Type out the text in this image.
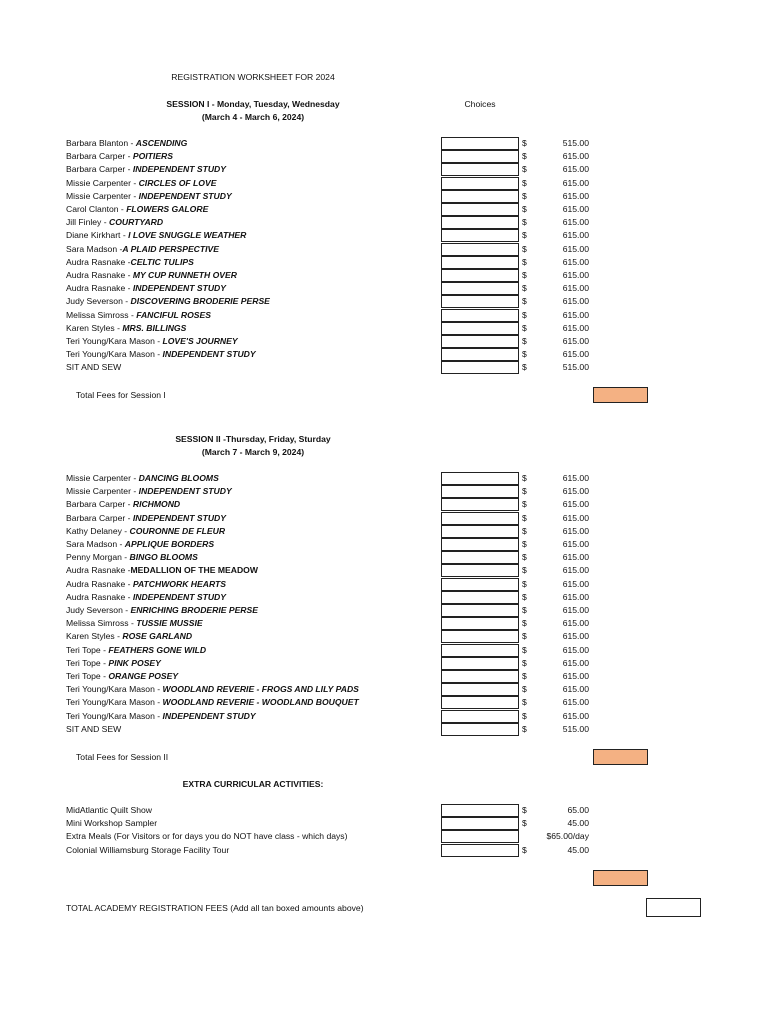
REGISTRATION WORKSHEET FOR 2024
SESSION I - Monday, Tuesday, Wednesday
(March 4 - March 6, 2024)
Choices
Barbara Blanton - ASCENDING	$	515.00
Barbara Carper - POITIERS	$	615.00
Barbara Carper - INDEPENDENT STUDY	$	615.00
Missie Carpenter - CIRCLES OF LOVE	$	615.00
Missie Carpenter - INDEPENDENT STUDY	$	615.00
Carol Clanton - FLOWERS GALORE	$	615.00
Jill Finley - COURTYARD	$	615.00
Diane Kirkhart - I LOVE SNUGGLE WEATHER	$	615.00
Sara Madson -A PLAID PERSPECTIVE	$	615.00
Audra Rasnake -CELTIC TULIPS	$	615.00
Audra Rasnake - MY CUP RUNNETH OVER	$	615.00
Audra Rasnake - INDEPENDENT STUDY	$	615.00
Judy Severson - DISCOVERING BRODERIE PERSE	$	615.00
Melissa Simross - FANCIFUL ROSES	$	615.00
Karen Styles - MRS. BILLINGS	$	615.00
Teri Young/Kara Mason - LOVE'S JOURNEY	$	615.00
Teri Young/Kara Mason - INDEPENDENT STUDY	$	615.00
SIT AND SEW	$	515.00
Total Fees for Session I
SESSION II -Thursday, Friday, Sturday
(March 7 - March 9, 2024)
Missie Carpenter - DANCING BLOOMS	$	615.00
Missie Carpenter - INDEPENDENT STUDY	$	615.00
Barbara Carper - RICHMOND	$	615.00
Barbara Carper - INDEPENDENT STUDY	$	615.00
Kathy Delaney - COURONNE DE FLEUR	$	615.00
Sara Madson - APPLIQUE BORDERS	$	615.00
Penny Morgan - BINGO BLOOMS	$	615.00
Audra Rasnake -MEDALLION OF THE MEADOW	$	615.00
Audra Rasnake - PATCHWORK HEARTS	$	615.00
Audra Rasnake - INDEPENDENT STUDY	$	615.00
Judy Severson - ENRICHING BRODERIE PERSE	$	615.00
Melissa Simross - TUSSIE MUSSIE	$	615.00
Karen Styles - ROSE GARLAND	$	615.00
Teri Tope - FEATHERS GONE WILD	$	615.00
Teri Tope - PINK POSEY	$	615.00
Teri Tope - ORANGE POSEY	$	615.00
Teri Young/Kara Mason - WOODLAND REVERIE - FROGS AND LILY PADS	$	615.00
Teri Young/Kara Mason - WOODLAND REVERIE - WOODLAND BOUQUET	$	615.00
Teri Young/Kara Mason - INDEPENDENT STUDY	$	615.00
SIT AND SEW	$	515.00
Total Fees for Session II
EXTRA CURRICULAR ACTIVITIES:
MidAtlantic Quilt Show	$	65.00
Mini Workshop Sampler	$	45.00
Extra Meals (For Visitors or for days you do NOT have class - which days)	$65.00/day
Colonial Williamsburg Storage Facility Tour	$	45.00
TOTAL ACADEMY REGISTRATION FEES (Add all tan boxed amounts above)
